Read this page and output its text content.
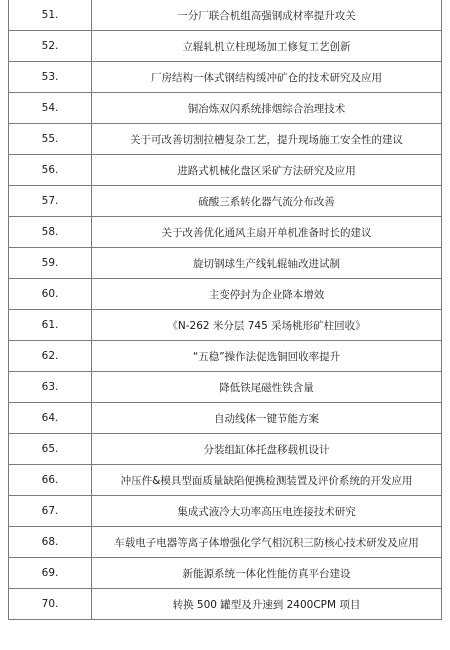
51.	一分厂联合机组高强钢成材率提升攻关
52.	立辊轧机立柱现场加工修复工艺创新
53.	厂房结构一体式钢结构缓冲矿仓的技术研究及应用
54.	铜冶炼双闪系统排烟综合治理技术
55.	关于可改善切割拉槽复杂工艺，提升现场施工安全性的建议
56.	进路式机械化盘区采矿方法研究及应用
57.	硫酸三系转化器气流分布改善
58.	关于改善优化通风主扇开单机准备时长的建议
59.	旋切钢球生产线轧辊轴改进试制
60.	主变停封为企业降本增效
61.	《N-262 米分层 745 采场桃形矿柱回收》
62.	“五稳”操作法促选铜回收率提升
63.	降低铁尾磁性铁含量
64.	自动线体一键节能方案
65.	分装组缸体托盘移载机设计
66.	冲压件&模具型面质量缺陷便携检测装置及评价系统的开发应用
67.	集成式液冷大功率高压电连接技术研究
68.	车载电子电器等离子体增强化学气相沉积三防核心技术研发及应用
69.	新能源系统一体化性能仿真平台建设
70.	转换 500 罐型及升速到 2400CPM 项目
